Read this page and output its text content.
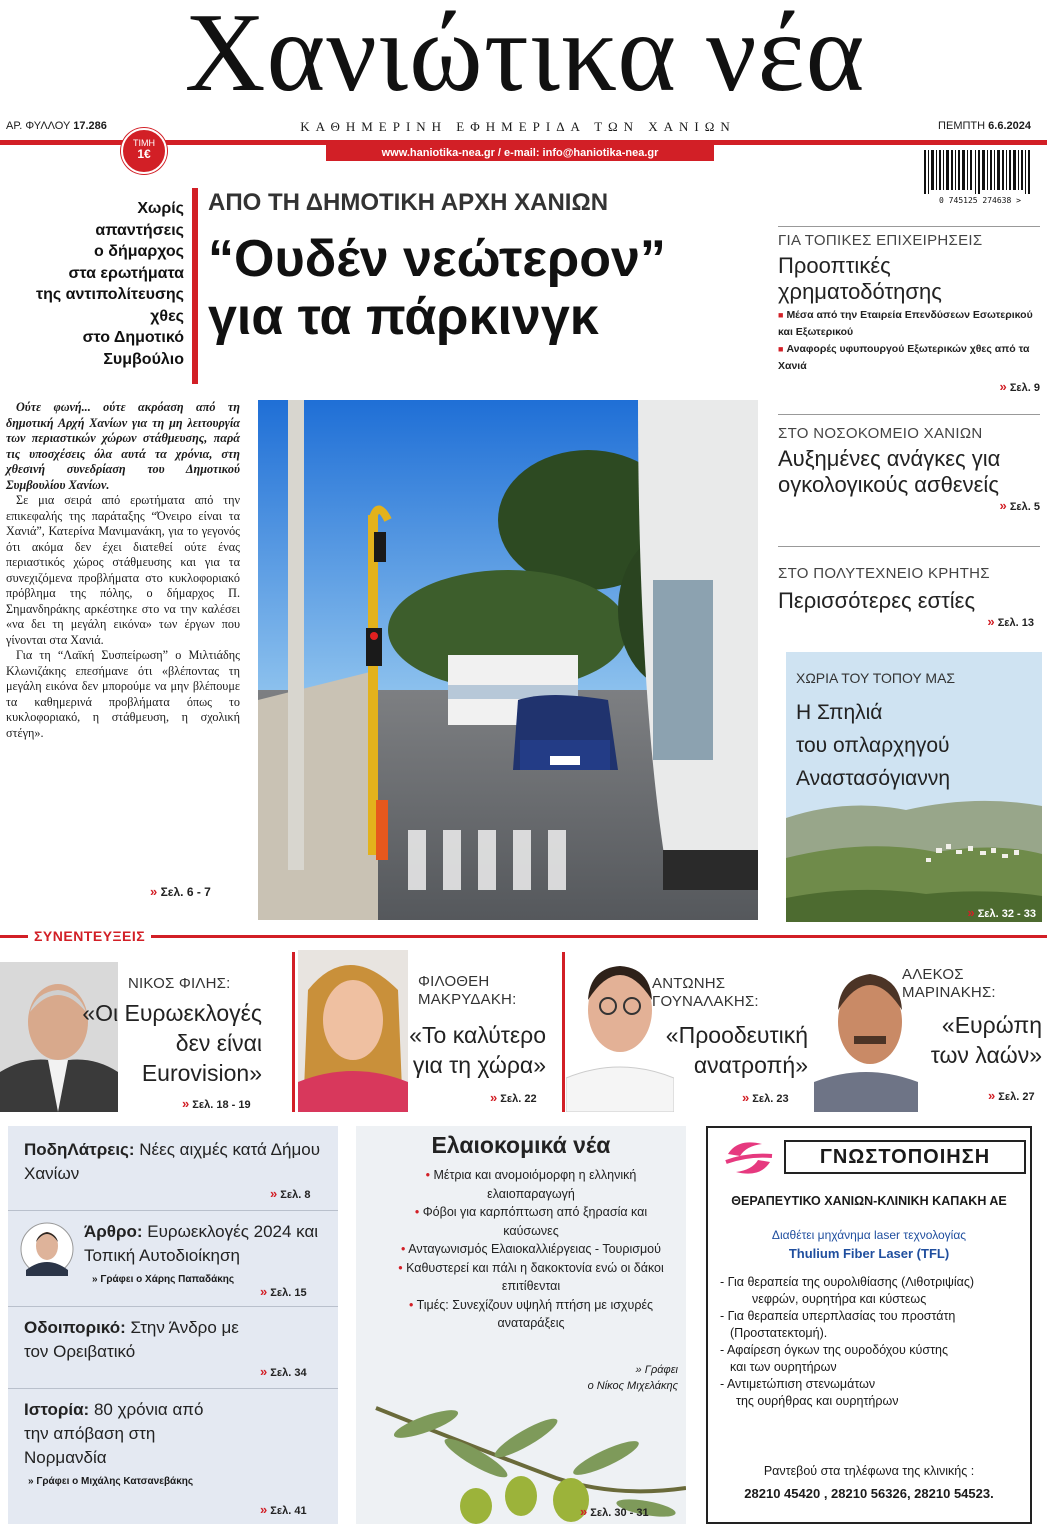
Χανιώτικα νέα
ΑΡ. ΦΥΛΛΟΥ 17.286	ΚΑΘΗΜΕΡΙΝΗ ΕΦΗΜΕΡΙΔΑ ΤΩΝ ΧΑΝΙΩΝ	ΠΕΜΠΤΗ 6.6.2024
www.haniotika-nea.gr / e-mail: info@haniotika-nea.gr
ΤΙΜΗ
1€
0 745125 274638 >
ΑΠΟ ΤΗ ΔΗΜΟΤΙΚΗ ΑΡΧΗ ΧΑΝΙΩΝ
“Ουδέν νεώτερον”
για τα πάρκινγκ
Χωρίς
απαντήσεις
ο δήμαρχος
στα ερωτήματα
της αντιπολίτευσης
χθες
στο Δημοτικό
Συμβούλιο

Ούτε φωνή... ούτε ακρόαση από τη δημοτική Αρχή Χανίων για τη μη λειτουργία των περιαστικών χώρων στάθμευσης, παρά τις υποσχέσεις όλα αυτά τα χρόνια, στη χθεσινή συνεδρίαση του Δημοτικού Συμβουλίου Χανίων.

Σε μια σειρά από ερωτήματα από την επικεφαλής της παράταξης “Όνειρο είναι τα Χανιά”, Κατερίνα Μανιμανάκη, για το γεγονός ότι ακόμα δεν έχει διατεθεί ούτε ένας περιαστικός χώρος στάθμευσης και για τα συνεχιζόμενα προβλήματα στο κυκλοφοριακό πρόβλημα της πόλης, ο δήμαρχος Π. Σημανδηράκης αρκέστηκε στο να την καλέσει «να δει τη μεγάλη εικόνα» των έργων που γίνονται στα Χανιά.

Για τη “Λαϊκή Συσπείρωση” ο Μιλτιάδης Κλωνιζάκης επεσήμανε ότι «βλέποντας τη μεγάλη εικόνα δεν μπορούμε να μην βλέπουμε τα καθημερινά προβλήματα όπως το κυκλοφοριακό, η στάθμευση, η σχολική στέγη».

» Σελ. 6 - 7
ΓΙΑ ΤΟΠΙΚΕΣ ΕΠΙΧΕΙΡΗΣΕΙΣ
Προοπτικές
χρηματοδότησης
■ Μέσα από την Εταιρεία Επενδύσεων Εσωτερικού και Εξωτερικού
■ Αναφορές υφυπουργού Εξωτερικών χθες από τα Χανιά
» Σελ. 9
ΣΤΟ ΝΟΣΟΚΟΜΕΙΟ ΧΑΝΙΩΝ
Αυξημένες ανάγκες για
ογκολογικούς ασθενείς
» Σελ. 5
ΣΤΟ ΠΟΛΥΤΕΧΝΕΙΟ ΚΡΗΤΗΣ
Περισσότερες εστίες
» Σελ. 13
ΧΩΡΙΑ ΤΟΥ ΤΟΠΟΥ ΜΑΣ
Η Σπηλιά
του οπλαρχηγού
Αναστασόγιαννη
» Σελ. 32 - 33
ΣΥΝΕΝΤΕΥΞΕΙΣ
ΝΙΚΟΣ ΦΙΛΗΣ:
«Οι Ευρωεκλογές
δεν είναι
Eurovision»
» Σελ. 18 - 19
ΦΙΛΟΘΕΗ ΜΑΚΡΥΔΑΚΗ:
«Το καλύτερο
για τη χώρα»
» Σελ. 22
ΑΝΤΩΝΗΣ ΓΟΥΝΑΛΑΚΗΣ:
«Προοδευτική
ανατροπή»
» Σελ. 23
ΑΛΕΚΟΣ ΜΑΡΙΝΑΚΗΣ:
«Ευρώπη
των λαών»
» Σελ. 27
ΠοδηΛάτρεις: Νέες αιχμές κατά Δήμου Χανίων
» Σελ. 8
Άρθρο: Ευρωεκλογές 2024 και Τοπική Αυτοδιοίκηση
» Γράφει ο Χάρης Παπαδάκης
» Σελ. 15
Οδοιπορικό: Στην Άνδρο με τον Ορειβατικό
» Σελ. 34
Ιστορία: 80 χρόνια από την απόβαση στη Νορμανδία
» Γράφει ο Μιχάλης Κατσανεβάκης
» Σελ. 41
Ελαιοκομικά νέα
• Μέτρια και ανομοιόμορφη η ελληνική ελαιοπαραγωγή
• Φόβοι για καρπόπτωση από ξηρασία και καύσωνες
• Ανταγωνισμός Ελαιοκαλλιέργειας - Τουρισμού
• Καθυστερεί και πάλι η δακοκτονία ενώ οι δάκοι επιτίθενται
• Τιμές: Συνεχίζουν υψηλή πτήση με ισχυρές αναταράξεις
» Γράφει
ο Νίκος Μιχελάκης
» Σελ. 30 - 31
ΓΝΩΣΤΟΠΟΙΗΣΗ
ΘΕΡΑΠΕΥΤΙΚΟ ΧΑΝΙΩΝ-ΚΛΙΝΙΚΗ ΚΑΠΑΚΗ ΑΕ
Διαθέτει μηχάνημα laser τεχνολογίας
Thulium Fiber Laser (TFL)
- Για θεραπεία της ουρολιθίασης (Λιθοτριψίας)
νεφρών, ουρητήρα και κύστεως
- Για θεραπεία υπερπλασίας του προστάτη
(Προστατεκτομή).
- Αφαίρεση όγκων της ουροδόχου κύστης
και των ουρητήρων
- Αντιμετώπιση στενωμάτων
της ουρήθρας και ουρητήρων
Ραντεβού στα τηλέφωνα της κλινικής :
28210 45420 , 28210 56326, 28210 54523.
